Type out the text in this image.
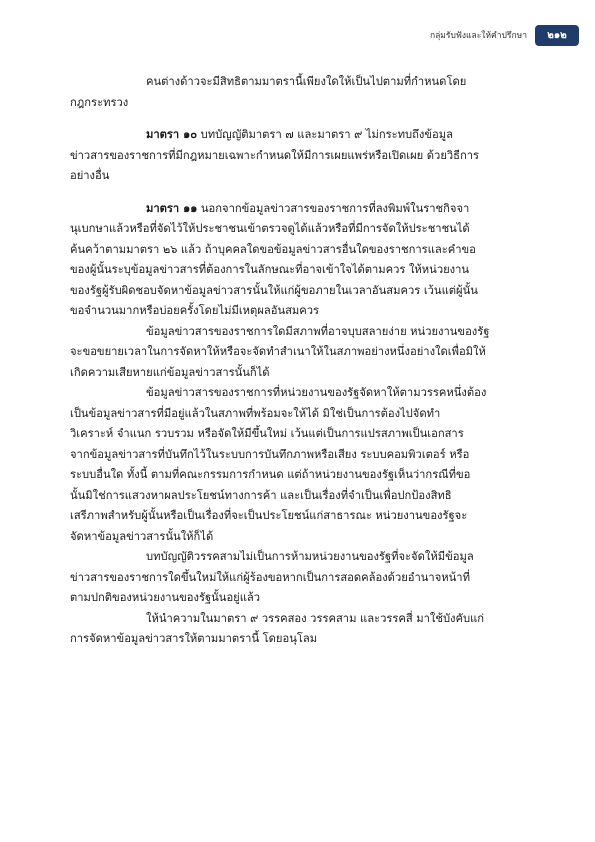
กลุ่มรับฟังและให้คำปรึกษา	๒๑๒
คนต่างด้าวจะมีสิทธิตามมาตรานี้เพียงใดให้เป็นไปตามที่กำหนดโดย
กฎกระทรวง
มาตรา ๑๐ บทบัญญัติมาตรา ๗ และมาตรา ๙ ไม่กระทบถึงข้อมูล
ข่าวสารของราชการที่มีกฎหมายเฉพาะกำหนดให้มีการเผยแพร่หรือเปิดเผย ด้วยวิธีการ
อย่างอื่น
มาตรา ๑๑ นอกจากข้อมูลข่าวสารของราชการที่ลงพิมพ์ในราชกิจจา
นุเบกษาแล้วหรือที่จัดไว้ให้ประชาชนเข้าตรวจดูได้แล้วหรือที่มีการจัดให้ประชาชนได้
ค้นคว้าตามมาตรา ๒๖ แล้ว ถ้าบุคคลใดขอข้อมูลข่าวสารอื่นใดของราชการและคำขอ
ของผู้นั้นระบุข้อมูลข่าวสารที่ต้องการในลักษณะที่อาจเข้าใจได้ตามควร ให้หน่วยงาน
ของรัฐผู้รับผิดชอบจัดหาข้อมูลข่าวสารนั้นให้แก่ผู้ขอภายในเวลาอันสมควร เว้นแต่ผู้นั้น
ขอจำนวนมากหรือบ่อยครั้งโดยไม่มีเหตุผลอันสมควร
ข้อมูลข่าวสารของราชการใดมีสภาพที่อาจบุบสลายง่าย หน่วยงานของรัฐ
จะขอขยายเวลาในการจัดหาให้หรือจะจัดทำสำเนาให้ในสภาพอย่างหนึ่งอย่างใดเพื่อมิให้
เกิดความเสียหายแก่ข้อมูลข่าวสารนั้นก็ได้
ข้อมูลข่าวสารของราชการที่หน่วยงานของรัฐจัดหาให้ตามวรรคหนึ่งต้อง
เป็นข้อมูลข่าวสารที่มีอยู่แล้วในสภาพที่พร้อมจะให้ได้ มิใช่เป็นการต้องไปจัดทำ
วิเคราะห์ จำแนก รวบรวม หรือจัดให้มีขึ้นใหม่ เว้นแต่เป็นการแปรสภาพเป็นเอกสาร
จากข้อมูลข่าวสารที่บันทึกไว้ในระบบการบันทึกภาพหรือเสียง ระบบคอมพิวเตอร์ หรือ
ระบบอื่นใด ทั้งนี้ ตามที่คณะกรรมการกำหนด แต่ถ้าหน่วยงานของรัฐเห็นว่ากรณีที่ขอ
นั้นมิใช่การแสวงหาผลประโยชน์ทางการค้า และเป็นเรื่องที่จำเป็นเพื่อปกป้องสิทธิ
เสรีภาพสำหรับผู้นั้นหรือเป็นเรื่องที่จะเป็นประโยชน์แก่สาธารณะ หน่วยงานของรัฐจะ
จัดหาข้อมูลข่าวสารนั้นให้ก็ได้
บทบัญญัติวรรคสามไม่เป็นการห้ามหน่วยงานของรัฐที่จะจัดให้มีข้อมูล
ข่าวสารของราชการใดขึ้นใหม่ให้แก่ผู้ร้องขอหากเป็นการสอดคล้องด้วยอำนาจหน้าที่
ตามปกติของหน่วยงานของรัฐนั้นอยู่แล้ว
ให้นำความในมาตรา ๙ วรรคสอง วรรคสาม และวรรคสี่ มาใช้บังคับแก่
การจัดหาข้อมูลข่าวสารให้ตามมาตรานี้ โดยอนุโลม
